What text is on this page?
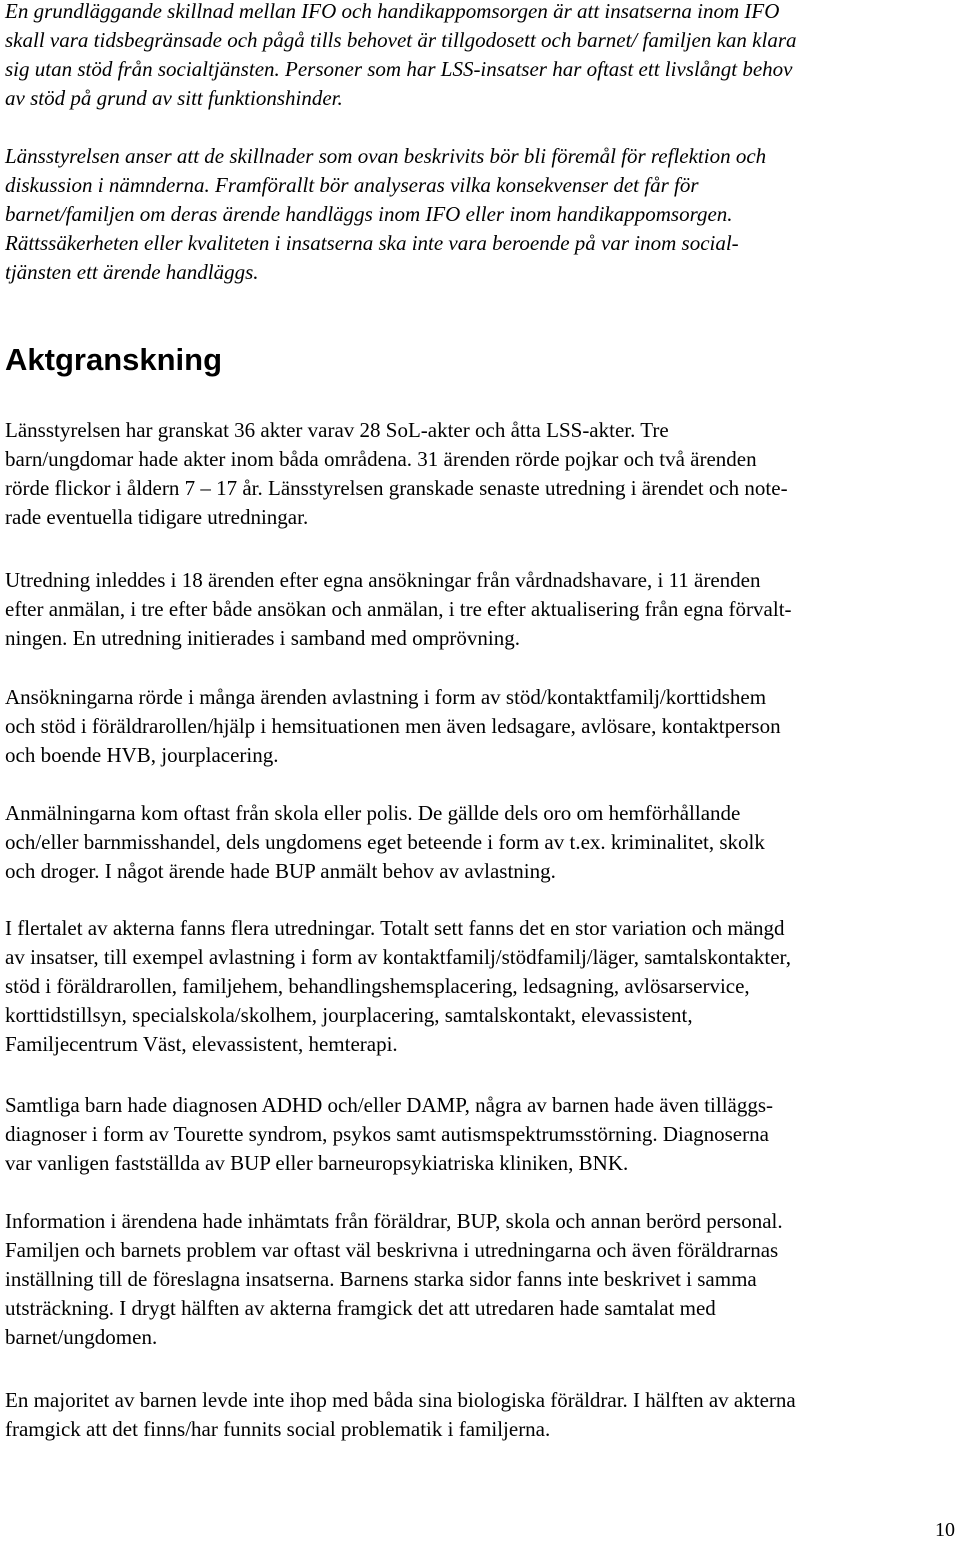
En grundläggande skillnad mellan IFO och handikappomsorgen är att insatserna inom IFO
skall vara tidsbegränsade och pågå tills behovet är tillgodosett och barnet/ familjen kan klara
sig utan stöd från socialtjänsten. Personer som har LSS-insatser har oftast ett livslångt behov
av stöd på grund av sitt funktionshinder.

Länsstyrelsen anser att de skillnader som ovan beskrivits bör bli föremål för reflektion och
diskussion i nämnderna. Framförallt bör analyseras vilka konsekvenser det får för
barnet/familjen om deras ärende handläggs inom IFO eller inom handikappomsorgen.
Rättssäkerheten eller kvaliteten i insatserna ska inte vara beroende på var inom social-
tjänsten ett ärende handläggs.

Aktgranskning

Länsstyrelsen har granskat 36 akter varav 28 SoL-akter och åtta LSS-akter. Tre
barn/ungdomar hade akter inom båda områdena. 31 ärenden rörde pojkar och två ärenden
rörde flickor i åldern 7 – 17 år. Länsstyrelsen granskade senaste utredning i ärendet och note-
rade eventuella tidigare utredningar.

Utredning inleddes i 18 ärenden efter egna ansökningar från vårdnadshavare, i 11 ärenden
efter anmälan, i tre efter både ansökan och anmälan, i tre efter aktualisering från egna förvalt-
ningen. En utredning initierades i samband med omprövning.

Ansökningarna rörde i många ärenden avlastning i form av stöd/kontaktfamilj/korttidshem
och stöd i föräldrarollen/hjälp i hemsituationen men även ledsagare, avlösare, kontaktperson
och boende HVB, jourplacering.

Anmälningarna kom oftast från skola eller polis. De gällde dels oro om hemförhållande
och/eller barnmisshandel, dels ungdomens eget beteende i form av t.ex. kriminalitet, skolk
och droger. I något ärende hade BUP anmält behov av avlastning.

I flertalet av akterna fanns flera utredningar. Totalt sett fanns det en stor variation och mängd
av insatser, till exempel avlastning i form av kontaktfamilj/stödfamilj/läger, samtalskontakter,
stöd i föräldrarollen, familjehem, behandlingshemsplacering, ledsagning, avlösarservice,
korttidstillsyn, specialskola/skolhem, jourplacering, samtalskontakt, elevassistent,
Familjecentrum Väst, elevassistent, hemterapi.

Samtliga barn hade diagnosen ADHD och/eller DAMP, några av barnen hade även tilläggs-
diagnoser i form av Tourette syndrom, psykos samt autismspektrumsstörning. Diagnoserna
var vanligen fastställda av BUP eller barneuropsykiatriska kliniken, BNK.

Information i ärendena hade inhämtats från föräldrar, BUP, skola och annan berörd personal.
Familjen och barnets problem var oftast väl beskrivna i utredningarna och även föräldrarnas
inställning till de föreslagna insatserna. Barnens starka sidor fanns inte beskrivet i samma
utsträckning. I drygt hälften av akterna framgick det att utredaren hade samtalat med
barnet/ungdomen.

En majoritet av barnen levde inte ihop med båda sina biologiska föräldrar. I hälften av akterna
framgick att det finns/har funnits social problematik i familjerna.

10
